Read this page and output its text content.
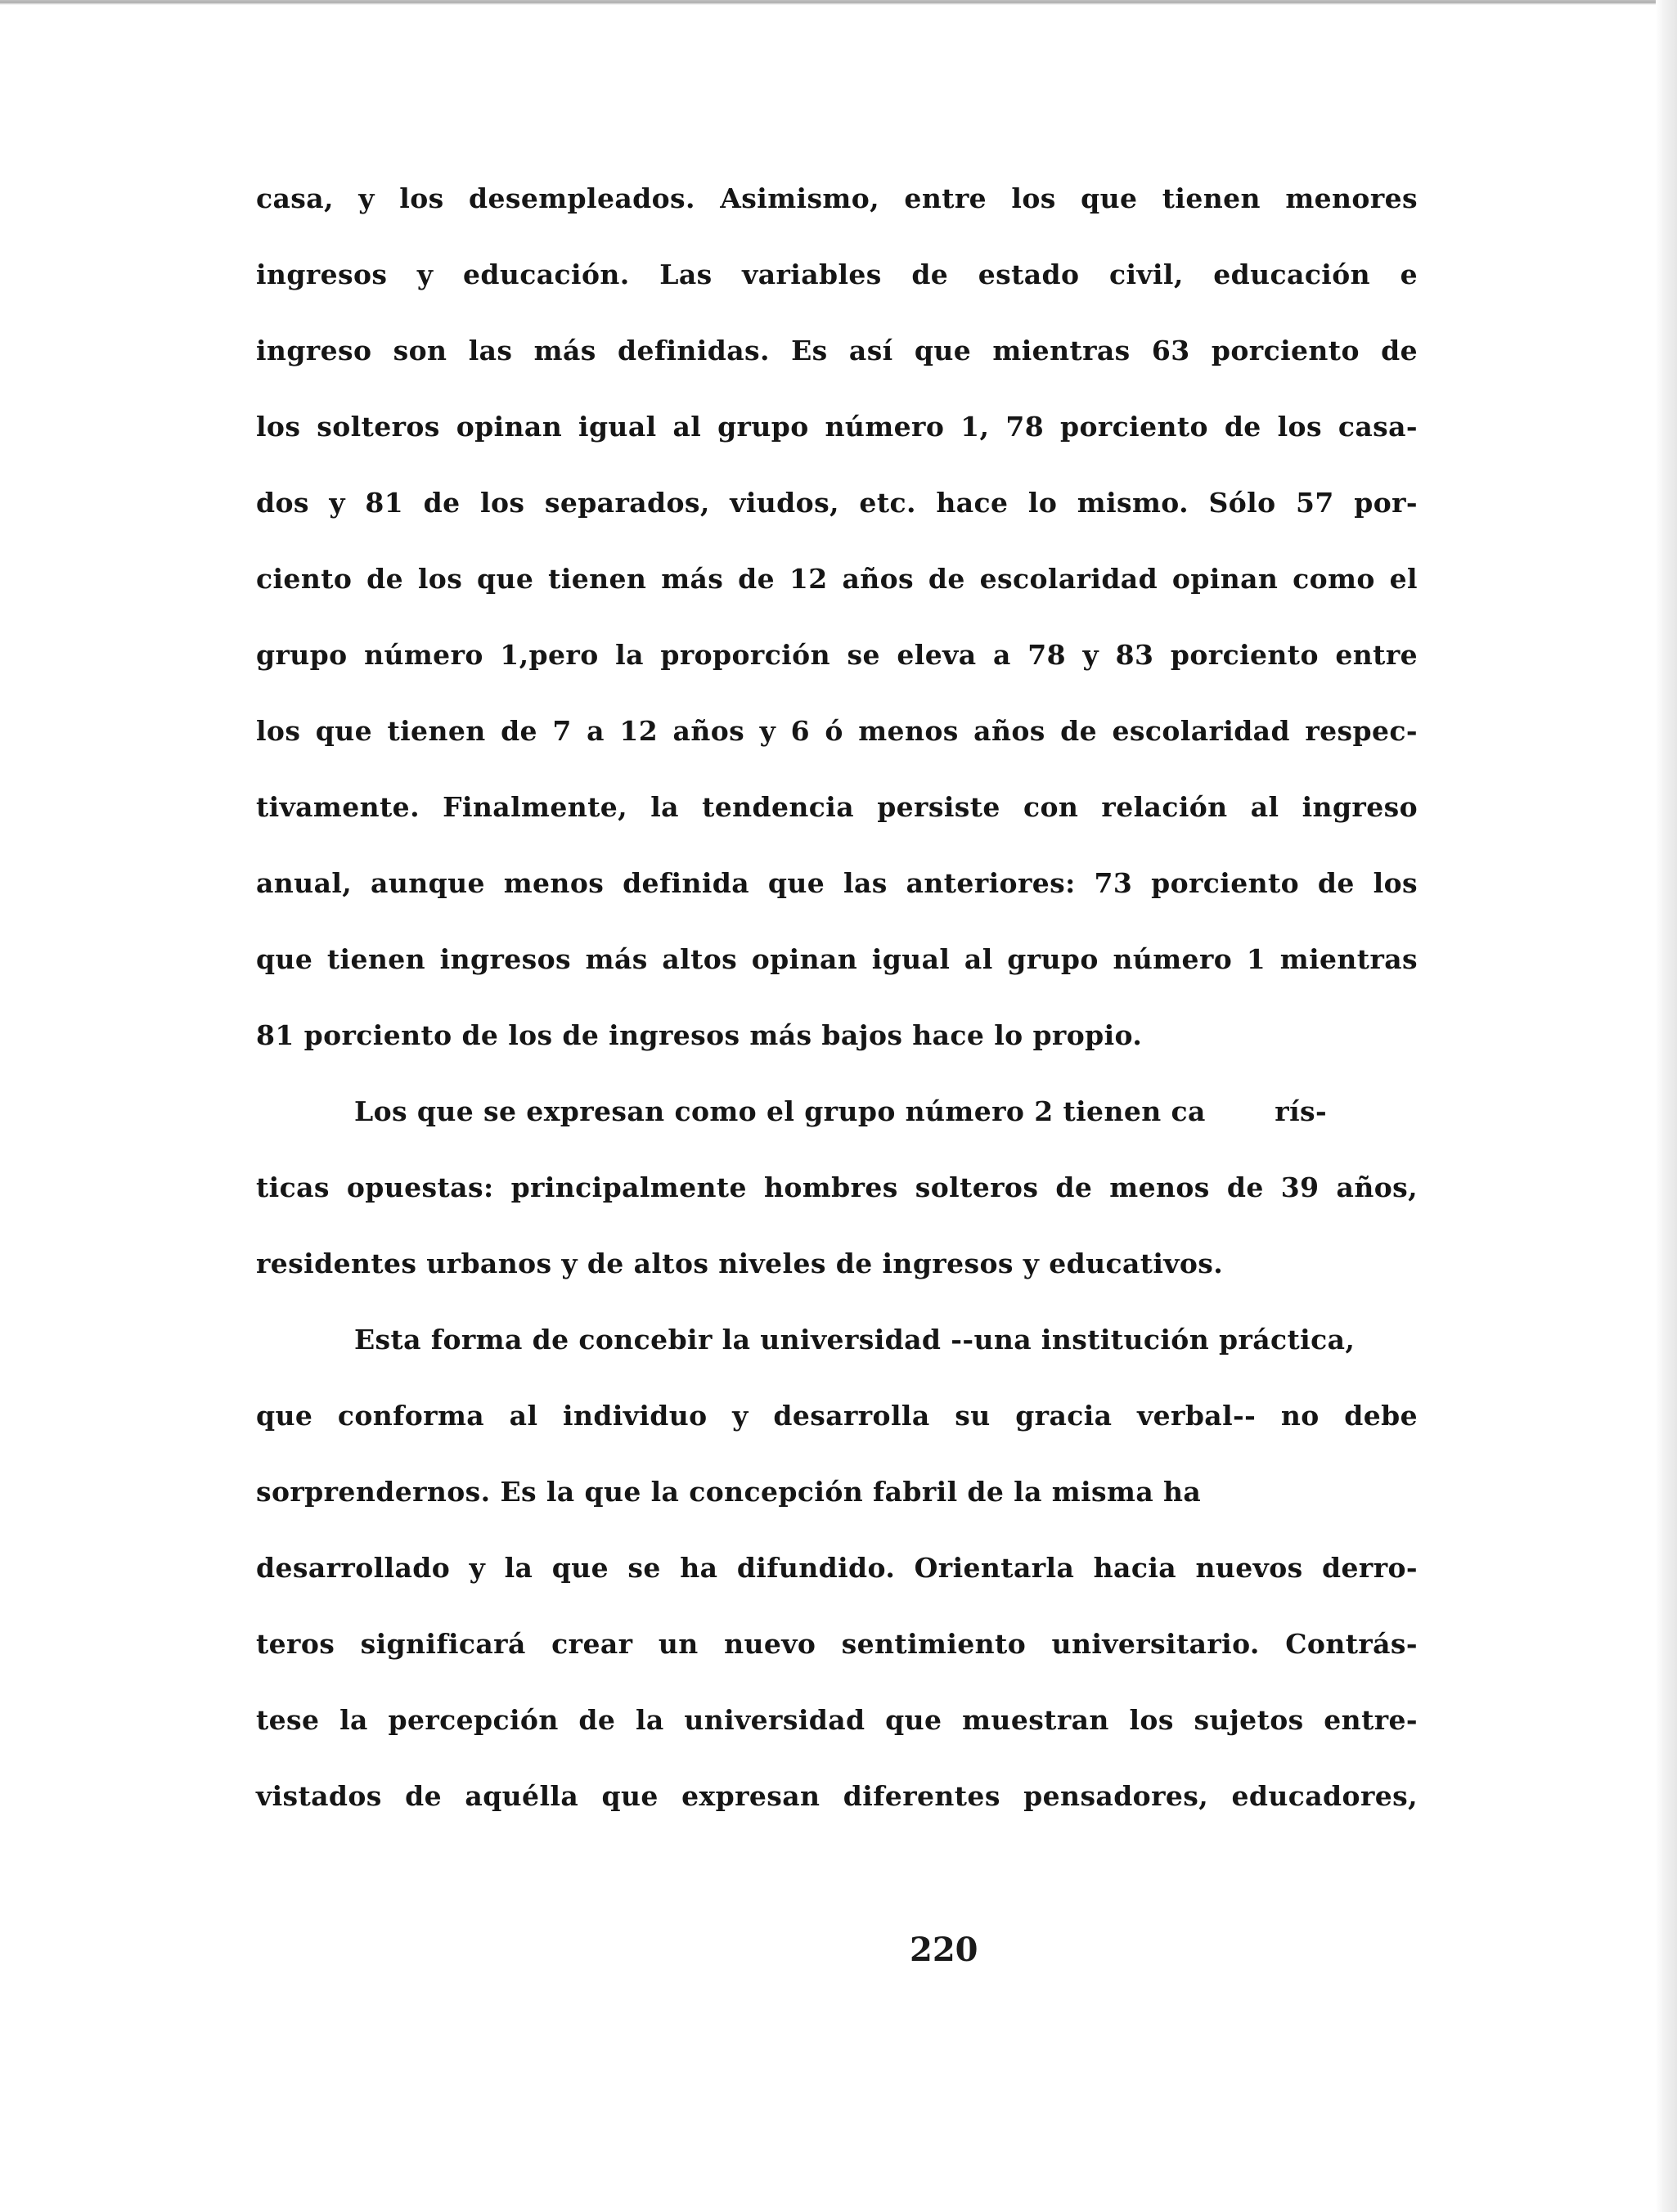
casa, y los desempleados. Asimismo, entre los que tienen menores
ingresos y educación. Las variables de estado civil, educación e
ingreso son las más definidas. Es así que mientras 63 porciento de
los solteros opinan igual al grupo número 1, 78 porciento de los casa-
dos y 81 de los separados, viudos, etc. hace lo mismo. Sólo 57 por-
ciento de los que tienen más de 12 años de escolaridad opinan como el
grupo número 1,pero la proporción se eleva a 78 y 83 porciento entre
los que tienen de 7 a 12 años y 6 ó menos años de escolaridad respec-
tivamente. Finalmente, la tendencia persiste con relación al ingreso
anual, aunque menos definida que las anteriores: 73 porciento de los
que tienen ingresos más altos opinan igual al grupo número 1 mientras
81 porciento de los de ingresos más bajos hace lo propio.
Los que se expresan como el grupo número 2 tienen ca     rís-
ticas opuestas: principalmente hombres solteros de menos de 39 años,
residentes urbanos y de altos niveles de ingresos y educativos.
Esta forma de concebir la universidad --una institución práctica,
que conforma al individuo y desarrolla su gracia verbal-- no debe
sorprendernos. Es la que la concepción fabril de la misma ha
desarrollado y la que se ha difundido. Orientarla hacia nuevos derro-
teros significará crear un nuevo sentimiento universitario. Contrás-
tese la percepción de la universidad que muestran los sujetos entre-
vistados de aquélla que expresan diferentes pensadores, educadores,
220
